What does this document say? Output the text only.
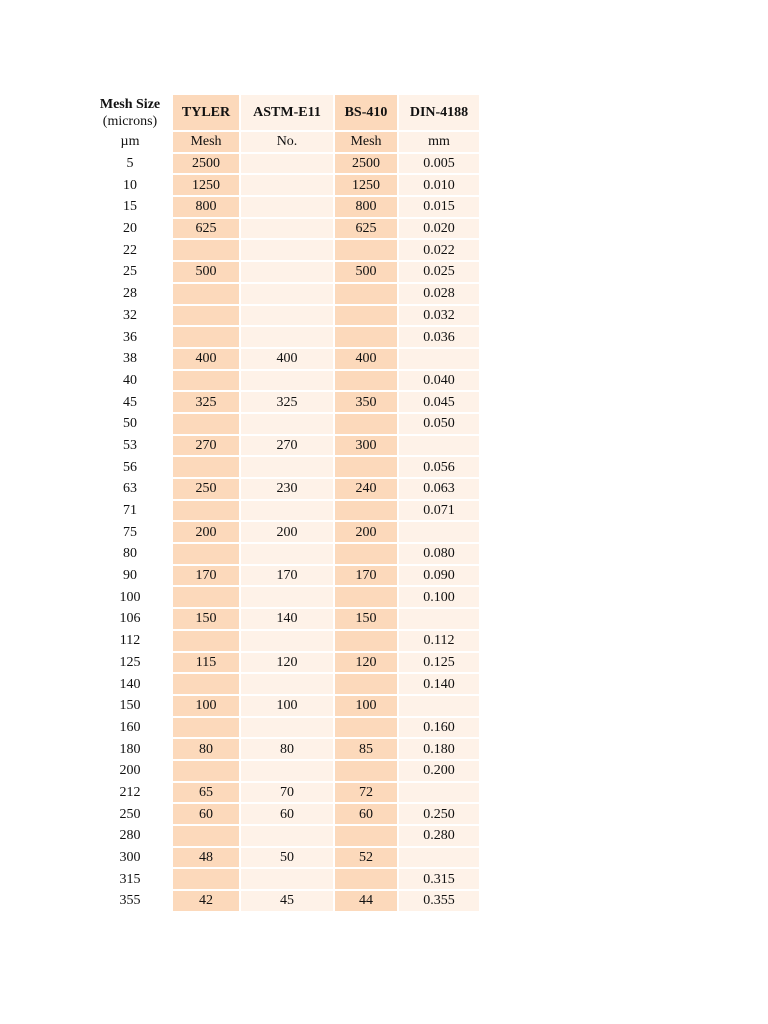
Mesh Size
(microns)	TYLER	ASTM-E11	BS-410	DIN-4188
µm	Mesh	No.	Mesh	mm
5	2500		2500	0.005
10	1250		1250	0.010
15	800		800	0.015
20	625		625	0.020
22				0.022
25	500		500	0.025
28				0.028
32				0.032
36				0.036
38	400	400	400	
40				0.040
45	325	325	350	0.045
50				0.050
53	270	270	300	
56				0.056
63	250	230	240	0.063
71				0.071
75	200	200	200	
80				0.080
90	170	170	170	0.090
100				0.100
106	150	140	150	
112				0.112
125	115	120	120	0.125
140				0.140
150	100	100	100	
160				0.160
180	80	80	85	0.180
200				0.200
212	65	70	72	
250	60	60	60	0.250
280				0.280
300	48	50	52	
315				0.315
355	42	45	44	0.355
